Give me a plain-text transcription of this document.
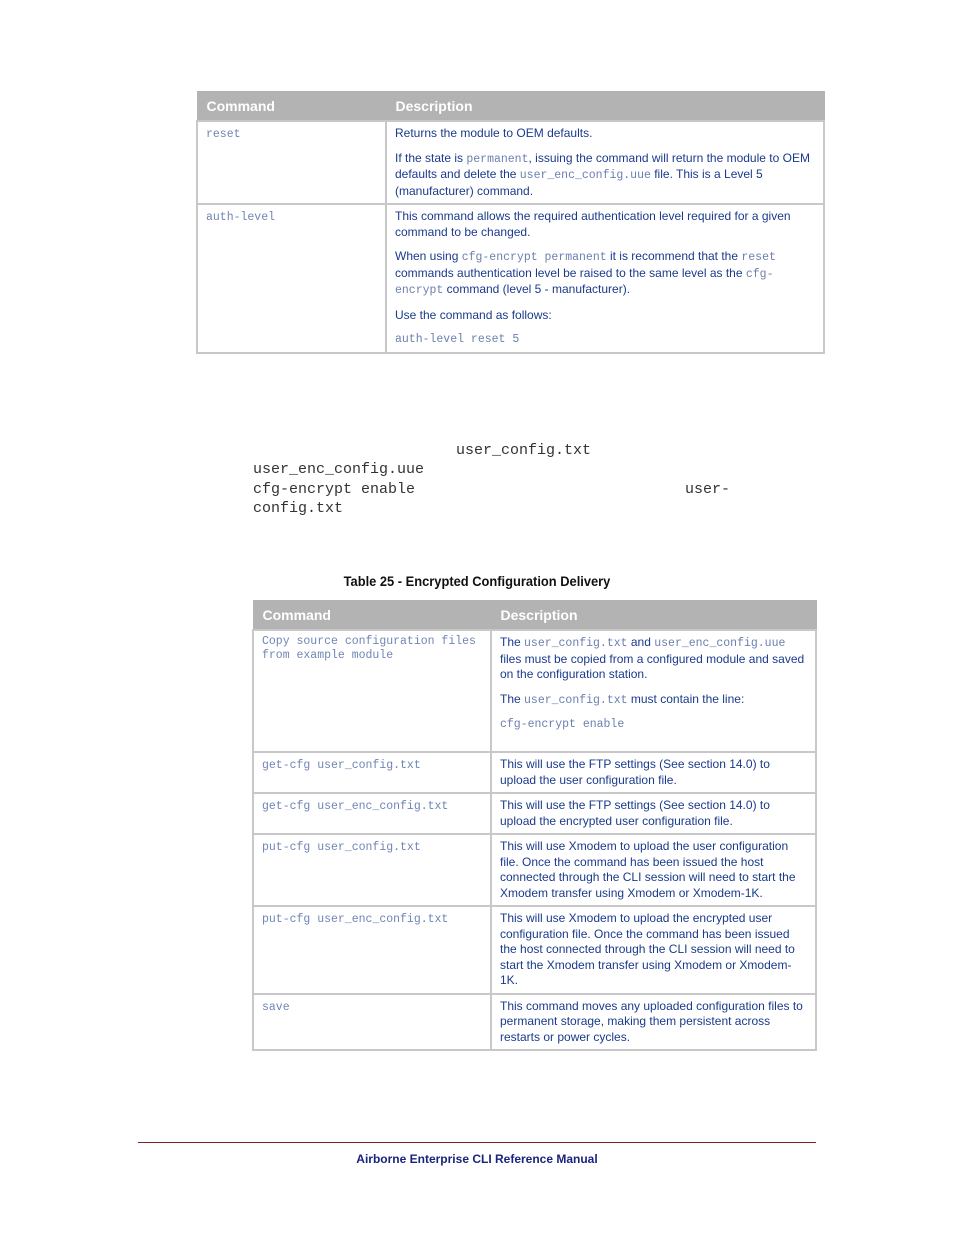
Command	Description
reset	Returns the module to OEM defaults.

If the state is permanent, issuing the command will return the module to OEM defaults and delete the user_enc_config.uue file. This is a Level 5 (manufacturer) command.

auth-level	This command allows the required authentication level required for a given command to be changed.

When using cfg-encrypt permanent it is recommend that the reset commands authentication level be raised to the same level as the cfg-encrypt command (level 5 - manufacturer).

Use the command as follows:

auth-level reset 5

user_config.txt
user_enc_config.uue
cfg-encrypt enable	user-
config.txt
Table 25 - Encrypted Configuration Delivery
Command	Description

Copy source configuration files from example module	The user_config.txt and user_enc_config.uue files must be copied from a configured module and saved on the configuration station.

The user_config.txt must contain the line:

cfg-encrypt enable

get-cfg user_config.txt	This will use the FTP settings (See section 14.0) to upload the user configuration file.
get-cfg user_enc_config.txt	This will use the FTP settings (See section 14.0) to upload the encrypted user configuration file.
put-cfg user_config.txt	This will use Xmodem to upload the user configuration file. Once the command has been issued the host connected through the CLI session will need to start the Xmodem transfer using Xmodem or Xmodem-1K.
put-cfg user_enc_config.txt	This will use Xmodem to upload the encrypted user configuration file. Once the command has been issued the host connected through the CLI session will need to start the Xmodem transfer using Xmodem or Xmodem-1K.
save	This command moves any uploaded configuration files to permanent storage, making them persistent across restarts or power cycles.
Airborne Enterprise CLI Reference Manual
